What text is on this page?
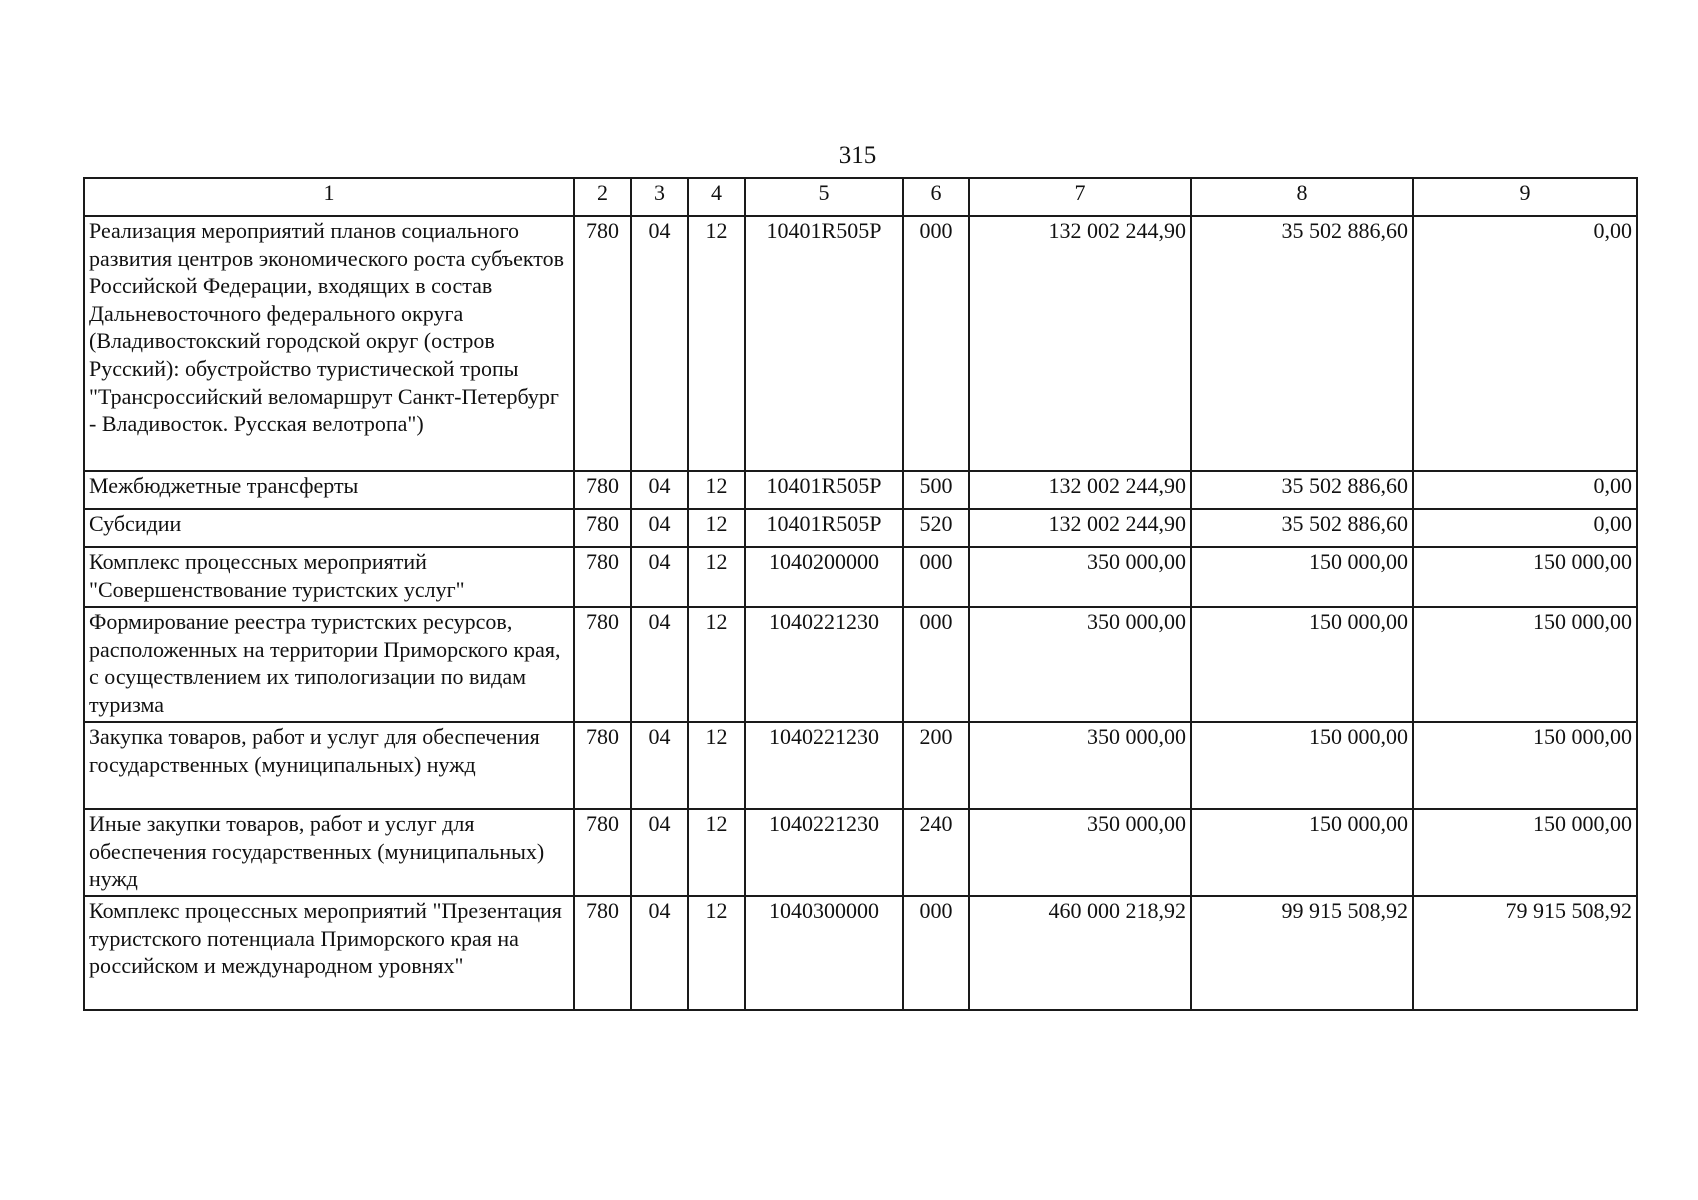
315
1	2	3	4	5	6	7	8	9
Реализация мероприятий планов социального развития центров экономического роста субъектов Российской Федерации, входящих в состав Дальневосточного федерального округа (Владивостокский городской округ (остров Русский): обустройство туристической тропы "Трансроссийский веломаршрут Санкт-Петербург - Владивосток. Русская велотропа")	780	04	12	10401R505P	000	132 002 244,90	35 502 886,60	0,00
Межбюджетные трансферты	780	04	12	10401R505P	500	132 002 244,90	35 502 886,60	0,00
Субсидии	780	04	12	10401R505P	520	132 002 244,90	35 502 886,60	0,00
Комплекс процессных мероприятий "Совершенствование туристских услуг"	780	04	12	1040200000	000	350 000,00	150 000,00	150 000,00
Формирование реестра туристских ресурсов, расположенных на территории Приморского края, с осуществлением их типологизации по видам туризма	780	04	12	1040221230	000	350 000,00	150 000,00	150 000,00
Закупка товаров, работ и услуг для обеспечения государственных (муниципальных) нужд	780	04	12	1040221230	200	350 000,00	150 000,00	150 000,00
Иные закупки товаров, работ и услуг для обеспечения государственных (муниципальных) нужд	780	04	12	1040221230	240	350 000,00	150 000,00	150 000,00
Комплекс процессных мероприятий "Презентация туристского потенциала Приморского края на российском и международном уровнях"	780	04	12	1040300000	000	460 000 218,92	99 915 508,92	79 915 508,92
